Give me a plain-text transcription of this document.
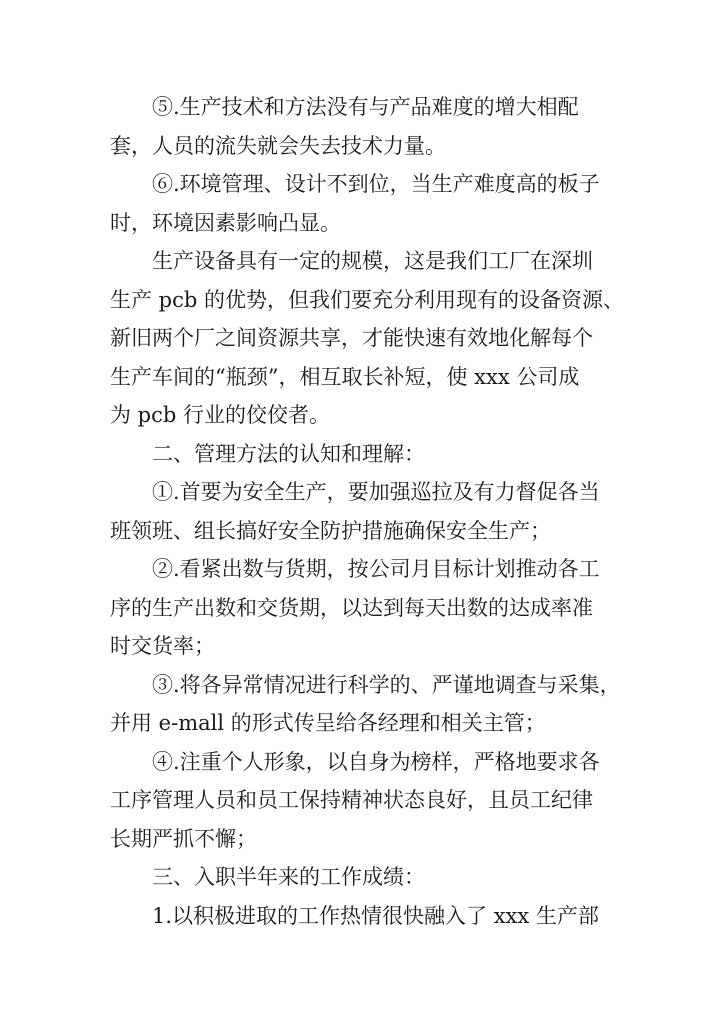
⑤.生产技术和方法没有与产品难度的增大相配
套，人员的流失就会失去技术力量。

⑥.环境管理、设计不到位，当生产难度高的板子
时，环境因素影响凸显。

生产设备具有一定的规模，这是我们工厂在深圳
生产 pcb 的优势，但我们要充分利用现有的设备资源、
新旧两个厂之间资源共享，才能快速有效地化解每个
生产车间的“瓶颈”，相互取长补短，使 xxx 公司成
为 pcb 行业的佼佼者。

二、管理方法的认知和理解：

①.首要为安全生产，要加强巡拉及有力督促各当
班领班、组长搞好安全防护措施确保安全生产；

②.看紧出数与货期，按公司月目标计划推动各工
序的生产出数和交货期，以达到每天出数的达成率准
时交货率；

③.将各异常情况进行科学的、严谨地调查与采集，
并用 e-mall 的形式传呈给各经理和相关主管；

④.注重个人形象，以自身为榜样，严格地要求各
工序管理人员和员工保持精神状态良好，且员工纪律
长期严抓不懈；

三、入职半年来的工作成绩：

1.以积极进取的工作热情很快融入了 xxx 生产部
